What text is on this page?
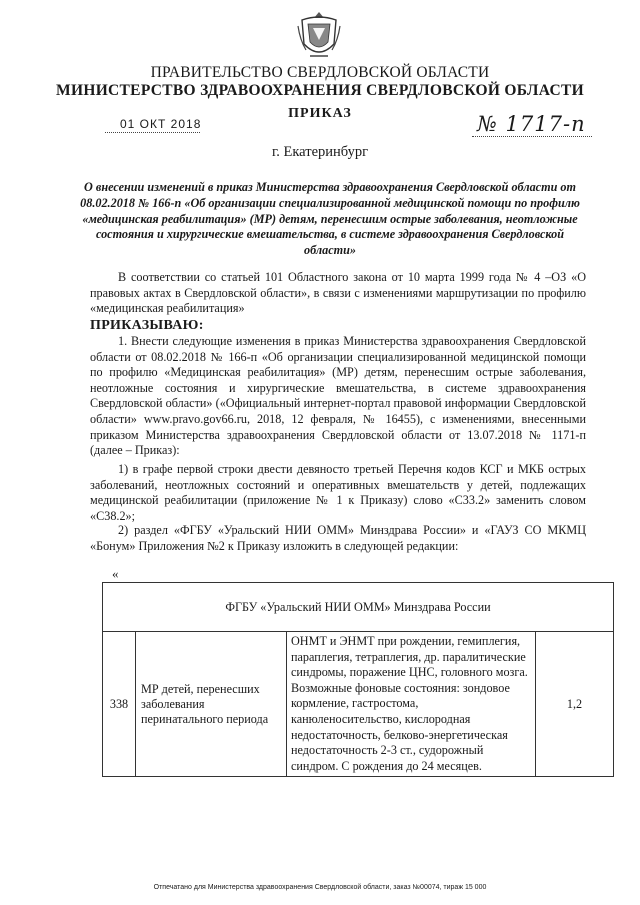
ПРАВИТЕЛЬСТВО СВЕРДЛОВСКОЙ ОБЛАСТИ
МИНИСТЕРСТВО ЗДРАВООХРАНЕНИЯ СВЕРДЛОВСКОЙ ОБЛАСТИ
ПРИКАЗ
01 ОКТ 2018	№ 1717-п
г. Екатеринбург
О внесении изменений в приказ Министерства здравоохранения Свердловской области от 08.02.2018 № 166-п «Об организации специализированной медицинской помощи по профилю «медицинская реабилитация» (МР) детям, перенесшим острые заболевания, неотложные состояния и хирургические вмешательства, в системе здравоохранения Свердловской области»
В соответствии со статьей 101 Областного закона от 10 марта 1999 года № 4 –ОЗ «О правовых актах в Свердловской области», в связи с изменениями маршрутизации по профилю «медицинская реабилитация»
ПРИКАЗЫВАЮ:
1. Внести следующие изменения в приказ Министерства здравоохранения Свердловской области от 08.02.2018 № 166-п «Об организации специализированной медицинской помощи по профилю «Медицинская реабилитация» (МР) детям, перенесшим острые заболевания, неотложные состояния и хирургические вмешательства, в системе здравоохранения Свердловской области» («Официальный интернет-портал правовой информации Свердловской области» www.pravo.gov66.ru, 2018, 12 февраля, № 16455), с изменениями, внесенными приказом Министерства здравоохранения Свердловской области от 13.07.2018 № 1171-п (далее – Приказ):
1) в графе первой строки двести девяносто третьей Перечня кодов КСГ и МКБ острых заболеваний, неотложных состояний и оперативных вмешательств у детей, подлежащих медицинской реабилитации (приложение № 1 к Приказу) слово «С33.2» заменить словом «С38.2»;
2) раздел «ФГБУ «Уральский НИИ ОММ» Минздрава России» и «ГАУЗ СО МКМЦ «Бонум» Приложения №2 к Приказу изложить в следующей редакции:
«
ФГБУ «Уральский НИИ ОММ» Минздрава России
338	МР детей, перенесших заболевания перинатального периода	ОНМТ и ЭНМТ при рождении, гемиплегия, параплегия, тетраплегия, др. паралитические синдромы, поражение ЦНС, головного мозга. Возможные фоновые состояния: зондовое кормление, гастростома, канюленосительство, кислородная недостаточность, белково-энергетическая недостаточность 2-3 ст., судорожный синдром. С рождения до 24 месяцев.	1,2
Отпечатано для Министерства здравоохранения Свердловской области, заказ №00074, тираж 15 000
